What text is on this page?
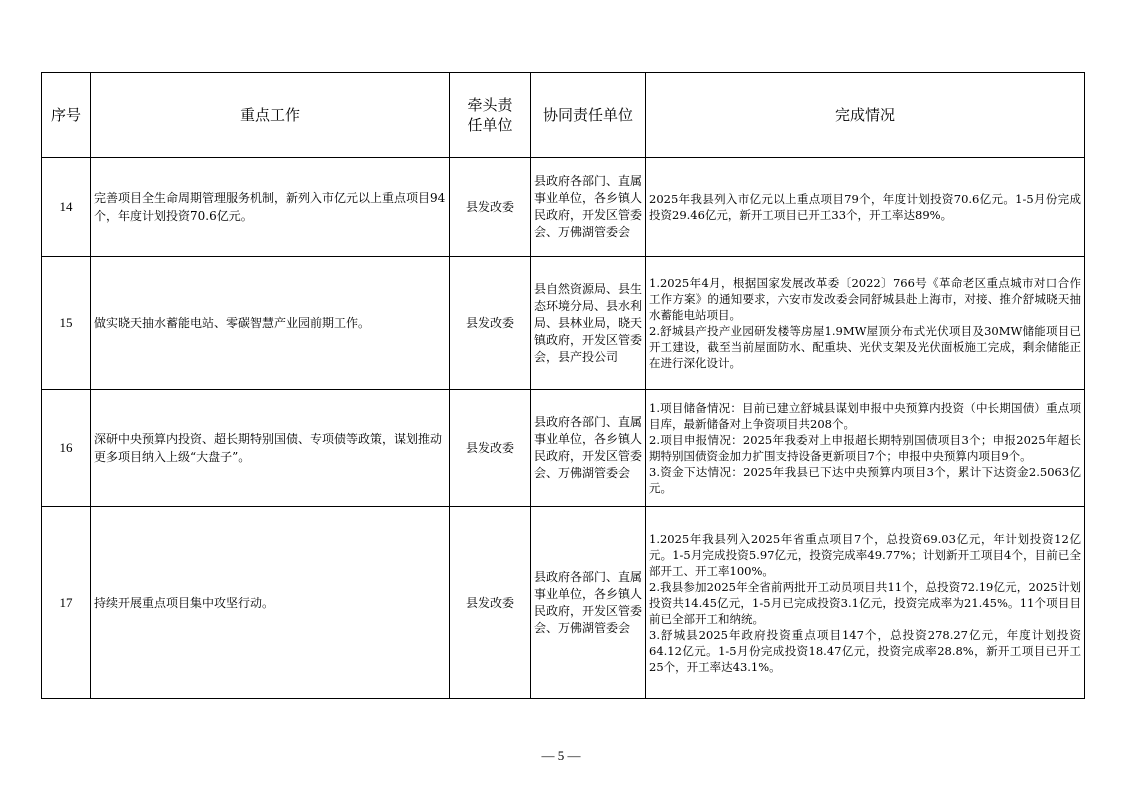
序号	重点工作	牵头责任单位	协同责任单位	完成情况
14	完善项目全生命周期管理服务机制，新列入市亿元以上重点项目94个，年度计划投资70.6亿元。	县发改委	县政府各部门、直属事业单位，各乡镇人民政府，开发区管委会、万佛湖管委会	2025年我县列入市亿元以上重点项目79个，年度计划投资70.6亿元。1-5月份完成投资29.46亿元，新开工项目已开工33个，开工率达89%。

15	做实晓天抽水蓄能电站、零碳智慧产业园前期工作。	县发改委	县自然资源局、县生态环境分局、县水利局、县林业局，晓天镇政府，开发区管委会，县产投公司	1.2025年4月，根据国家发展改革委〔2022〕766号《革命老区重点城市对口合作工作方案》的通知要求，六安市发改委会同舒城县赴上海市，对接、推介舒城晓天抽水蓄能电站项目。
2.舒城县产投产业园研发楼等房屋1.9MW屋顶分布式光伏项目及30MW储能项目已开工建设，截至当前屋面防水、配重块、光伏支架及光伏面板施工完成，剩余储能正在进行深化设计。

16	深研中央预算内投资、超长期特别国债、专项债等政策，谋划推动更多项目纳入上级“大盘子”。	县发改委	县政府各部门、直属事业单位，各乡镇人民政府，开发区管委会、万佛湖管委会	1.项目储备情况：目前已建立舒城县谋划申报中央预算内投资（中长期国债）重点项目库，最新储备对上争资项目共208个。
2.项目申报情况：2025年我委对上申报超长期特别国债项目3个；申报2025年超长期特别国债资金加力扩围支持设备更新项目7个；申报中央预算内项目9个。
3.资金下达情况：2025年我县已下达中央预算内项目3个，累计下达资金2.5063亿元。

17	持续开展重点项目集中攻坚行动。	县发改委	县政府各部门、直属事业单位，各乡镇人民政府，开发区管委会、万佛湖管委会	1.2025年我县列入2025年省重点项目7个，总投资69.03亿元，年计划投资12亿元。1-5月完成投资5.97亿元，投资完成率49.77%；计划新开工项目4个，目前已全部开工、开工率100%。
2.我县参加2025年全省前两批开工动员项目共11个，总投资72.19亿元，2025计划投资共14.45亿元，1-5月已完成投资3.1亿元，投资完成率为21.45%。11个项目目前已全部开工和纳统。
3.舒城县2025年政府投资重点项目147个，总投资278.27亿元，年度计划投资64.12亿元。1-5月份完成投资18.47亿元，投资完成率28.8%，新开工项目已开工25个，开工率达43.1%。
— 5 —
